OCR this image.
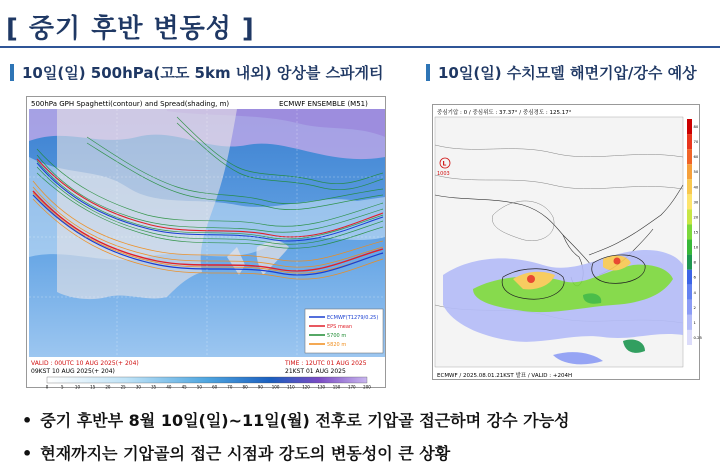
[ 중기 후반 변동성 ]
10일(일) 500hPa(고도 5km 내외) 앙상블 스파게티	10일(일) 수치모델 해면기압/강수 예상
500hPa GPH Spaghetti(contour) and Spread(shading, m)	ECMWF ENSEMBLE (M51)
ECMWF(T1279/0.25)
EPS mean
5700 m
5820 m
VALID : 00UTC 10 AUG 2025(+ 204)
09KST 10 AUG 2025(+ 204)
TIME : 12UTC 01 AUG 2025
21KST 01 AUG 2025
0	5	10	15	20	25	30	35	40	45	50	60	70	80	90 100 110 120 130 150 170 200
중심기압 : 0 / 중심위도 : 37.37° / 중심경도 : 125.17°
L
1003
80
70
60
50
40
30
20
15
10
8
6
4
2
1
0.25
ECMWF / 2025.08.01.21KST 발표 / VALID : +204H
• 중기 후반부 8월 10일(일)~11일(월) 전후로 기압골 접근하며 강수 가능성
• 현재까지는 기압골의 접근 시점과 강도의 변동성이 큰 상황
